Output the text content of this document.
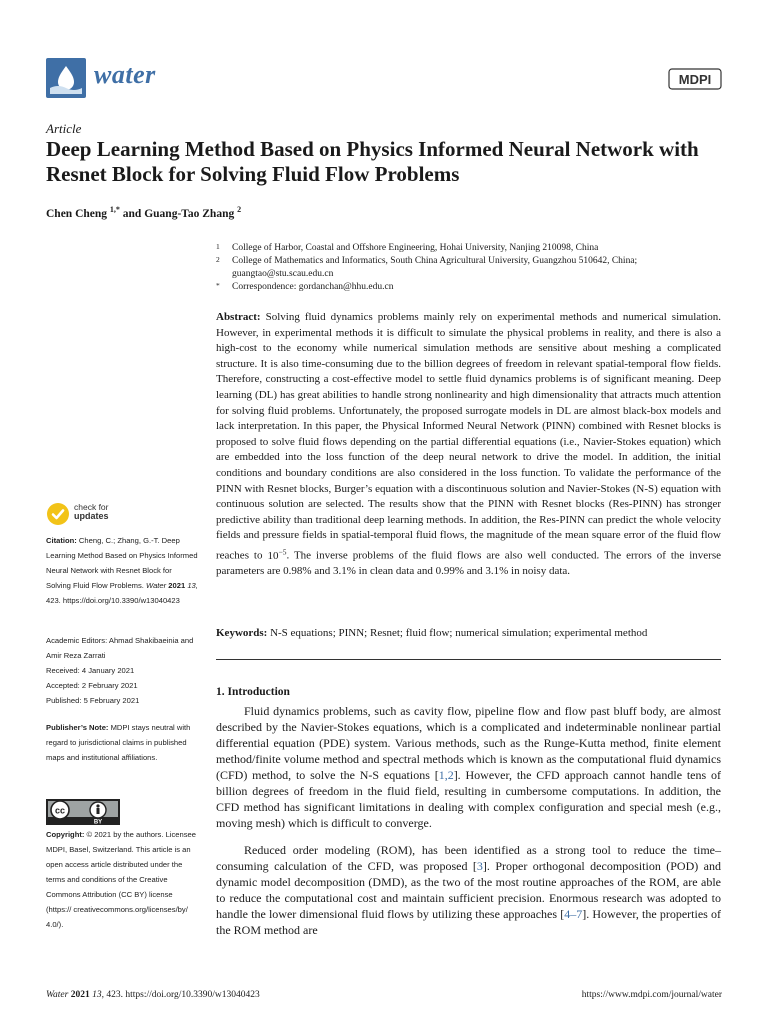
water	MDPI
Article
Deep Learning Method Based on Physics Informed Neural Network with Resnet Block for Solving Fluid Flow Problems
Chen Cheng $^{1,*}$ and Guang-Tao Zhang $^2$
1 College of Harbor, Coastal and Offshore Engineering, Hohai University, Nanjing 210098, China
2 College of Mathematics and Informatics, South China Agricultural University, Guangzhou 510642, China; guangtao@stu.scau.edu.cn
* Correspondence: gordanchan@hhu.edu.cn
Abstract: Solving fluid dynamics problems mainly rely on experimental methods and numerical simulation. However, in experimental methods it is difficult to simulate the physical problems in reality, and there is also a high-cost to the economy while numerical simulation methods are sensitive about meshing a complicated structure. It is also time-consuming due to the billion degrees of freedom in relevant spatial-temporal flow fields. Therefore, constructing a cost-effective model to settle fluid dynamics problems is of significant meaning. Deep learning (DL) has great abilities to handle strong nonlinearity and high dimensionality that attracts much attention for solving fluid problems. Unfortunately, the proposed surrogate models in DL are almost black-box models and lack interpretation. In this paper, the Physical Informed Neural Network (PINN) combined with Resnet blocks is proposed to solve fluid flows depending on the partial differential equations (i.e., Navier-Stokes equation) which are embedded into the loss function of the deep neural network to drive the model. In addition, the initial conditions and boundary conditions are also considered in the loss function. To validate the performance of the PINN with Resnet blocks, Burger’s equation with a discontinuous solution and Navier-Stokes (N-S) equation with continuous solution are selected. The results show that the PINN with Resnet blocks (Res-PINN) has stronger predictive ability than traditional deep learning methods. In addition, the Res-PINN can predict the whole velocity fields and pressure fields in spatial-temporal fluid flows, the magnitude of the mean square error of the fluid flow reaches to $10^{-5}$. The inverse problems of the fluid flows are also well conducted. The errors of the inverse parameters are 0.98% and 3.1% in clean data and 0.99% and 3.1% in noisy data.
Keywords: N-S equations; PINN; Resnet; fluid flow; numerical simulation; experimental method
1. Introduction
Fluid dynamics problems, such as cavity flow, pipeline flow and flow past bluff body, are almost described by the Navier-Stokes equations, which is a complicated and indeterminable nonlinear partial differential equation (PDE) system. Various methods, such as the Runge-Kutta method, finite element method/finite volume method and spectral methods which is known as the computational fluid dynamics (CFD) method, to solve the N-S equations [1,2]. However, the CFD approach cannot handle tens of billion degrees of freedom in the fluid field, resulting in cumbersome computations. In addition, the CFD method has significant limitations in dealing with complex configuration and special mesh (e.g., moving mesh) which is difficult to converge.
Reduced order modeling (ROM), has been identified as a strong tool to reduce the time–consuming calculation of the CFD, was proposed [3]. Proper orthogonal decomposition (POD) and dynamic model decomposition (DMD), as the two of the most routine approaches of the ROM, are able to reduce the computational cost and maintain sufficient precision. Enormous research was adopted to handle the lower dimensional fluid flows by utilizing these approaches [4–7]. However, the properties of the ROM method are
check for
updates
Citation: Cheng, C.; Zhang, G.-T. Deep Learning Method Based on Physics Informed Neural Network with Resnet Block for Solving Fluid Flow Problems. Water 2021 13, 423. https://doi.org/10.3390/w13040423
Academic Editors: Ahmad Shakibaeinia and Amir Reza Zarrati
Received: 4 January 2021
Accepted: 2 February 2021
Published: 5 February 2021
Publisher’s Note: MDPI stays neutral with regard to jurisdictional claims in published maps and institutional affiliations.
cc
BY
Copyright: © 2021 by the authors. Licensee MDPI, Basel, Switzerland. This article is an open access article distributed under the terms and conditions of the Creative Commons Attribution (CC BY) license (https:// creativecommons.org/licenses/by/ 4.0/).
Water 2021 13, 423. https://doi.org/10.3390/w13040423	https://www.mdpi.com/journal/water
